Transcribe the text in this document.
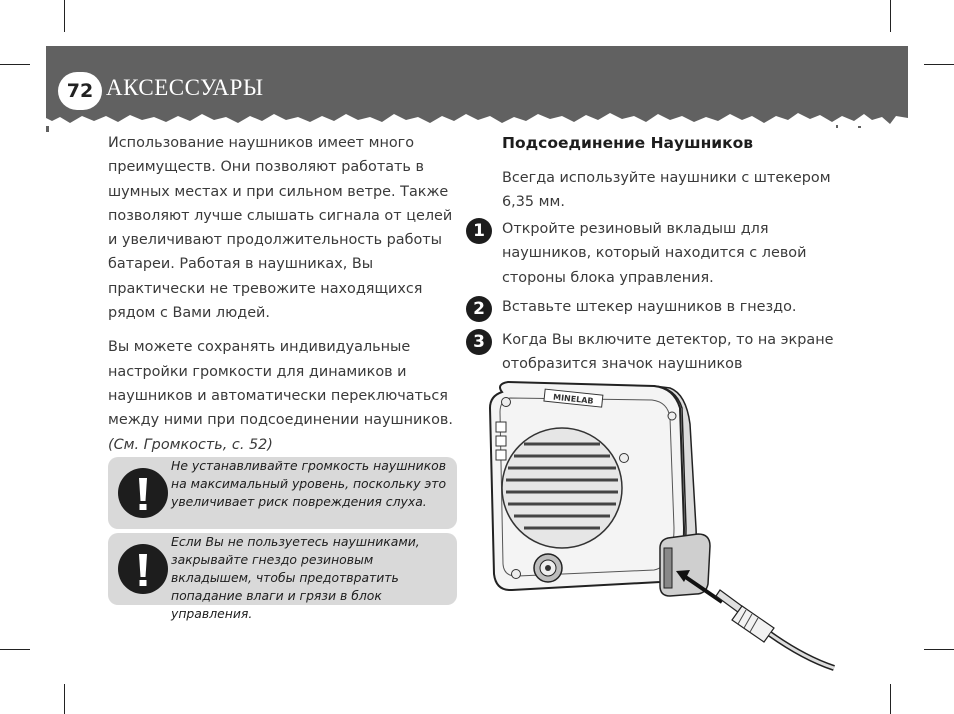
72 АКСЕССУАРЫ

Использование наушников имеет много преимуществ. Они позволяют работать в шумных местах и при сильном ветре. Также позволяют лучше слышать сигнала от целей и увеличивают продолжительность работы батареи. Работая в наушниках, Вы практически не тревожите находящихся рядом с Вами людей.

Вы можете сохранять индивидуальные настройки громкости для динамиков и наушников и автоматически переключаться между ними при подсоединении наушников. (См. Громкость, с. 52)

Не устанавливайте громкость наушников на максимальный уровень, поскольку это увеличивает риск повреждения слуха.
Если Вы не пользуетесь наушниками, закрывайте гнездо резиновым вкладышем, чтобы предотвратить попадание влаги и грязи в блок управления.
Подсоединение Наушников
Всегда используйте наушники с штекером 6,35 мм.
1	Откройте резиновый вкладыш для наушников, который находится с левой стороны блока управления.
2	Вставьте штекер наушников в гнездо.
3	Когда Вы включите детектор, то на экране отобразится значок наушников
MINELAB
